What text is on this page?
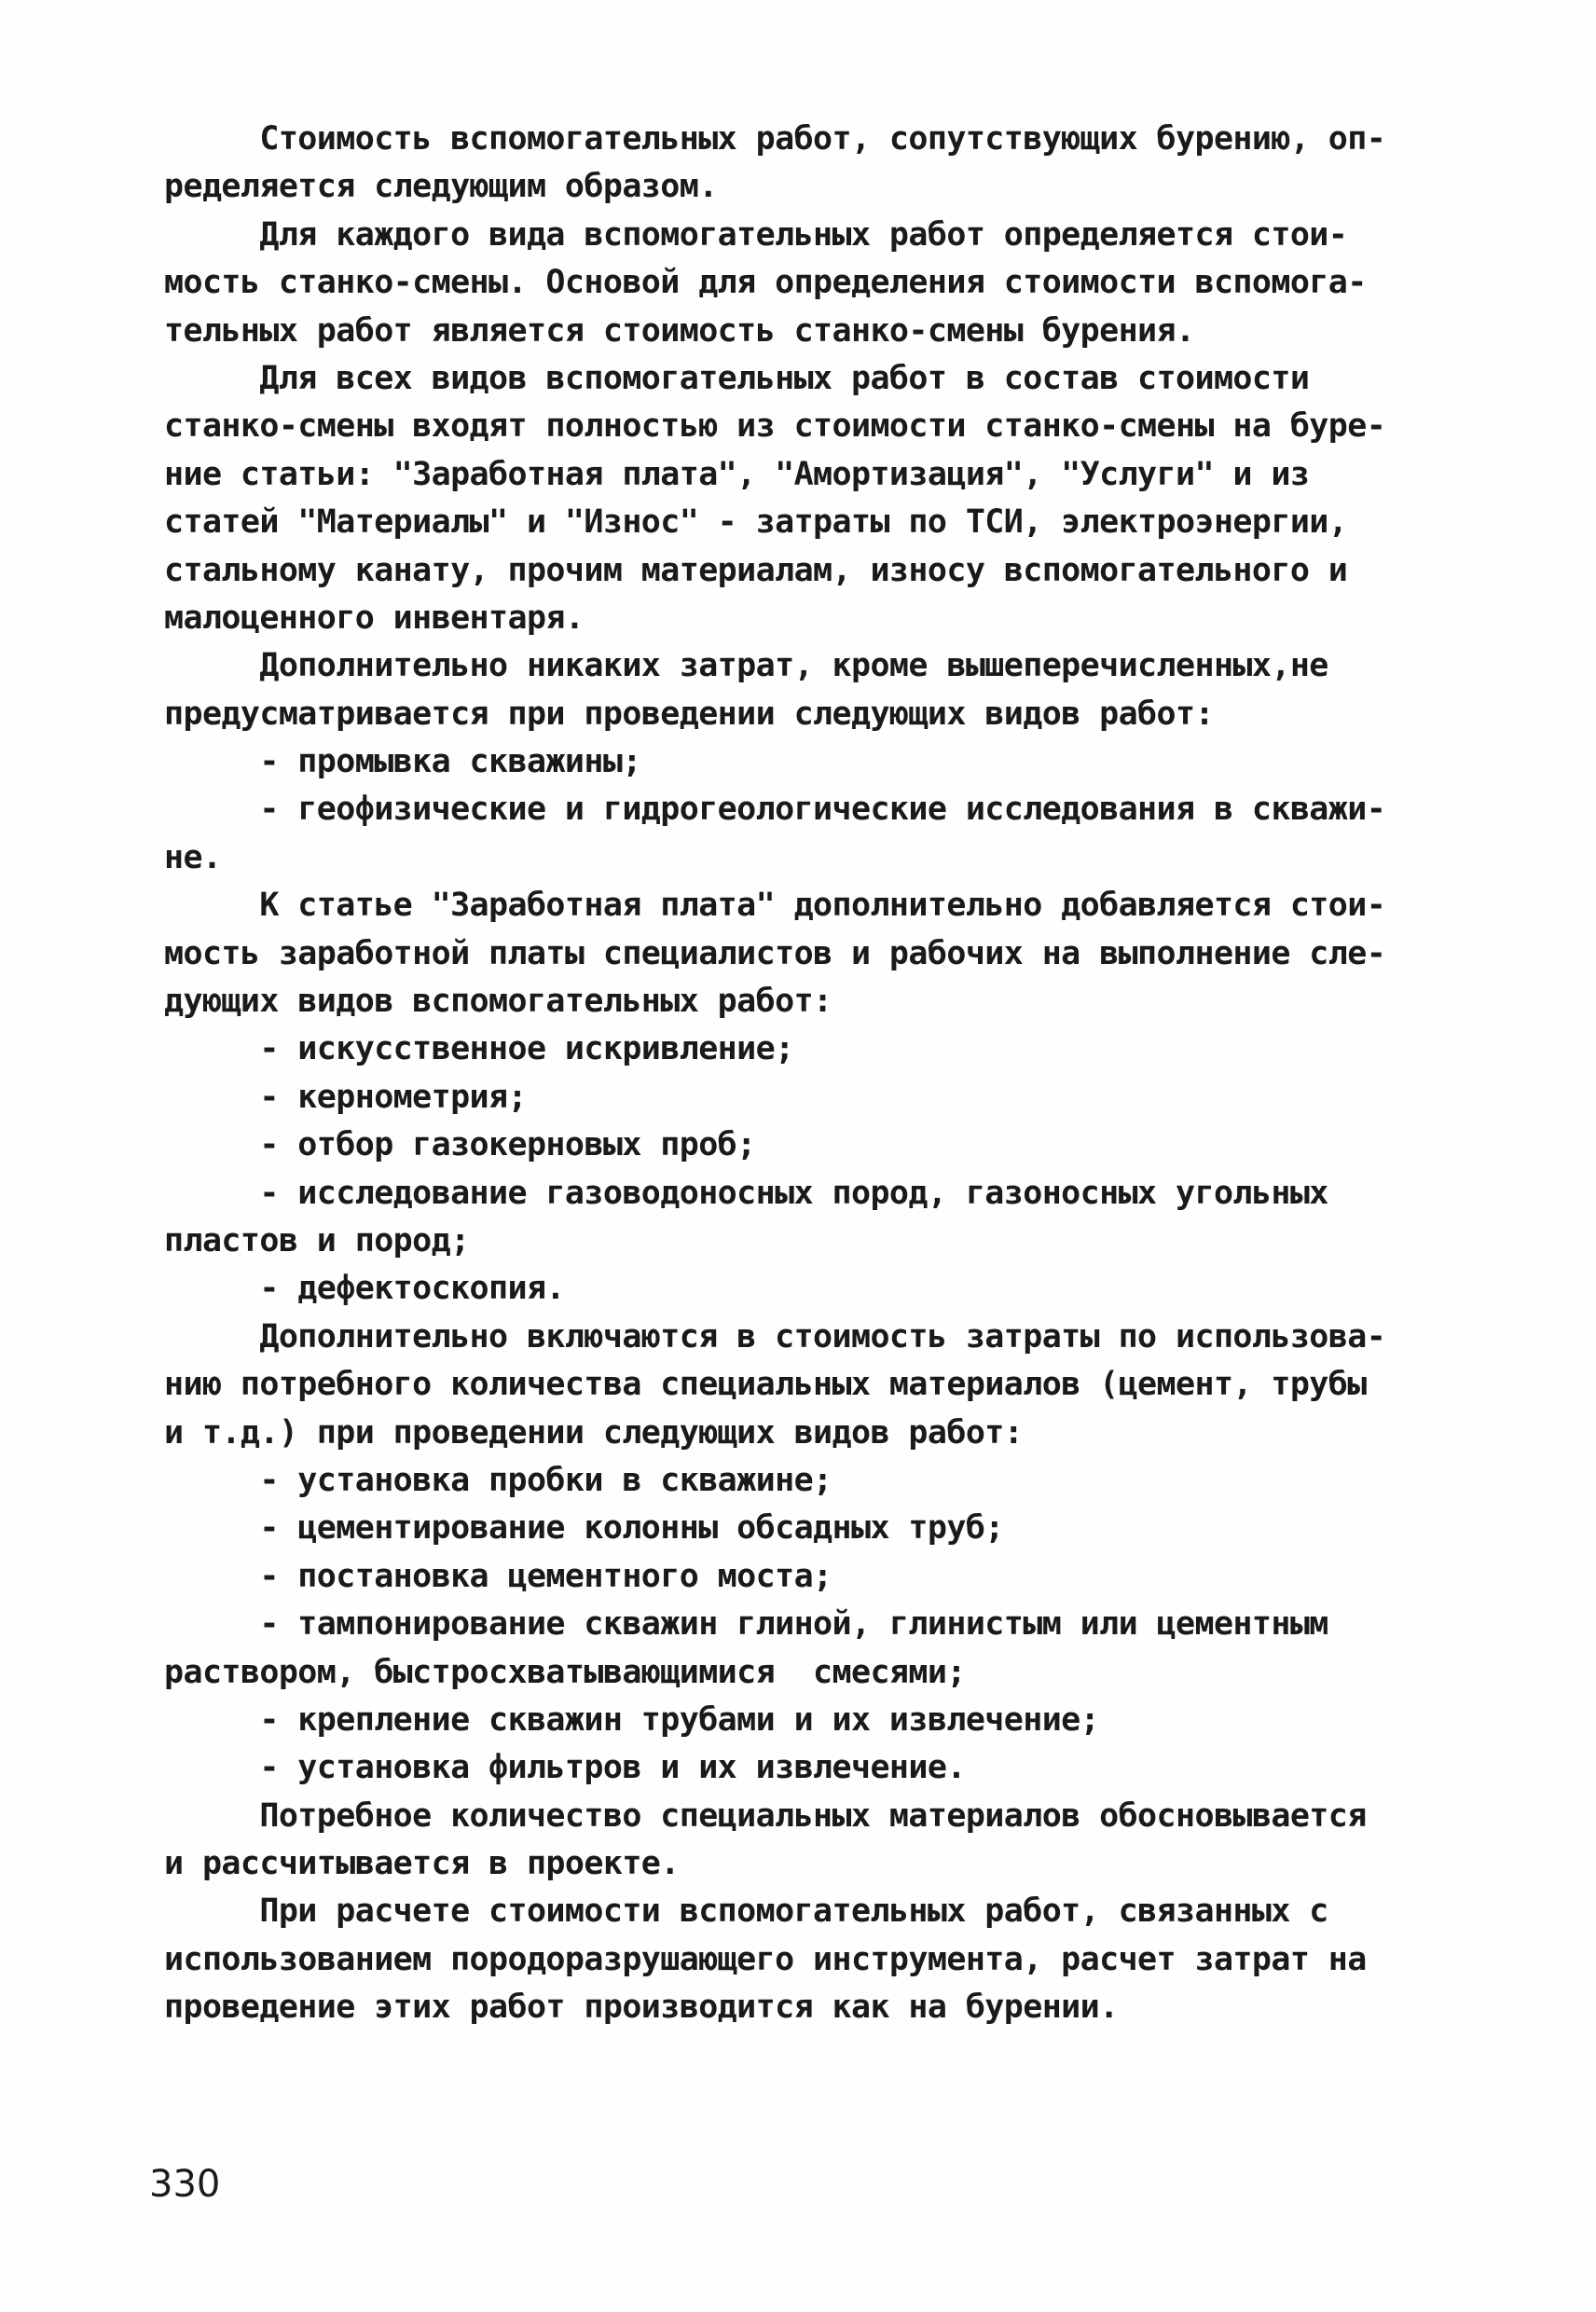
Стоимость вспомогательных работ, сопутствующих бурению, оп-
ределяется следующим образом.
Для каждого вида вспомогательных работ определяется стои-
мость станко-смены. Основой для определения стоимости вспомога-
тельных работ является стоимость станко-смены бурения.
Для всех видов вспомогательных работ в состав стоимости
станко-смены входят полностью из стоимости станко-смены на буре-
ние статьи: "Заработная плата", "Амортизация", "Услуги" и из
статей "Материалы" и "Износ" - затраты по ТСИ, электроэнергии,
стальному канату, прочим материалам, износу вспомогательного и
малоценного инвентаря.
Дополнительно никаких затрат, кроме вышеперечисленных,не
предусматривается при проведении следующих видов работ:
- промывка скважины;
- геофизические и гидрогеологические исследования в скважи-
не.
К статье "Заработная плата" дополнительно добавляется стои-
мость заработной платы специалистов и рабочих на выполнение сле-
дующих видов вспомогательных работ:
- искусственное искривление;
- кернометрия;
- отбор газокерновых проб;
- исследование газоводоносных пород, газоносных угольных
пластов и пород;
- дефектоскопия.
Дополнительно включаются в стоимость затраты по использова-
нию потребного количества специальных материалов (цемент, трубы
и т.д.) при проведении следующих видов работ:
- установка пробки в скважине;
- цементирование колонны обсадных труб;
- постановка цементного моста;
- тампонирование скважин глиной, глинистым или цементным
раствором, быстросхватывающимися  смесями;
- крепление скважин трубами и их извлечение;
- установка фильтров и их извлечение.
Потребное количество специальных материалов обосновывается
и рассчитывается в проекте.
При расчете стоимости вспомогательных работ, связанных с
использованием породоразрушающего инструмента, расчет затрат на
проведение этих работ производится как на бурении.
330
